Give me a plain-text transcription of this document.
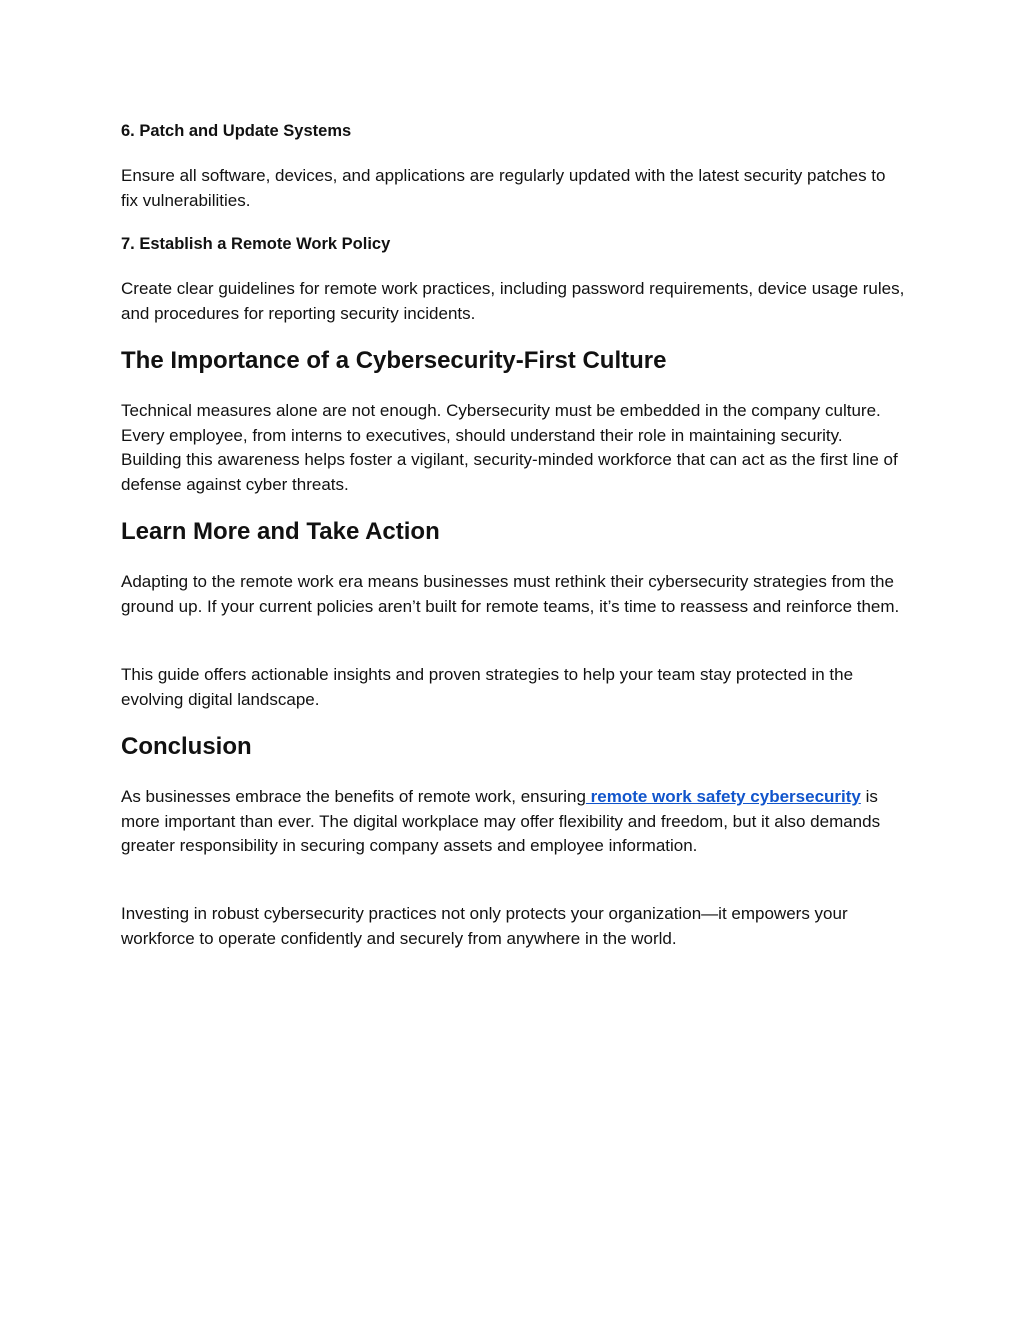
6. Patch and Update Systems

Ensure all software, devices, and applications are regularly updated with the latest security patches to fix vulnerabilities.

7. Establish a Remote Work Policy

Create clear guidelines for remote work practices, including password requirements, device usage rules, and procedures for reporting security incidents.

The Importance of a Cybersecurity-First Culture

Technical measures alone are not enough. Cybersecurity must be embedded in the company culture. Every employee, from interns to executives, should understand their role in maintaining security. Building this awareness helps foster a vigilant, security-minded workforce that can act as the first line of defense against cyber threats.

Learn More and Take Action

Adapting to the remote work era means businesses must rethink their cybersecurity strategies from the ground up. If your current policies aren’t built for remote teams, it’s time to reassess and reinforce them.

This guide offers actionable insights and proven strategies to help your team stay protected in the evolving digital landscape.

Conclusion

As businesses embrace the benefits of remote work, ensuring remote work safety cybersecurity is more important than ever. The digital workplace may offer flexibility and freedom, but it also demands greater responsibility in securing company assets and employee information.

Investing in robust cybersecurity practices not only protects your organization—it empowers your workforce to operate confidently and securely from anywhere in the world.
